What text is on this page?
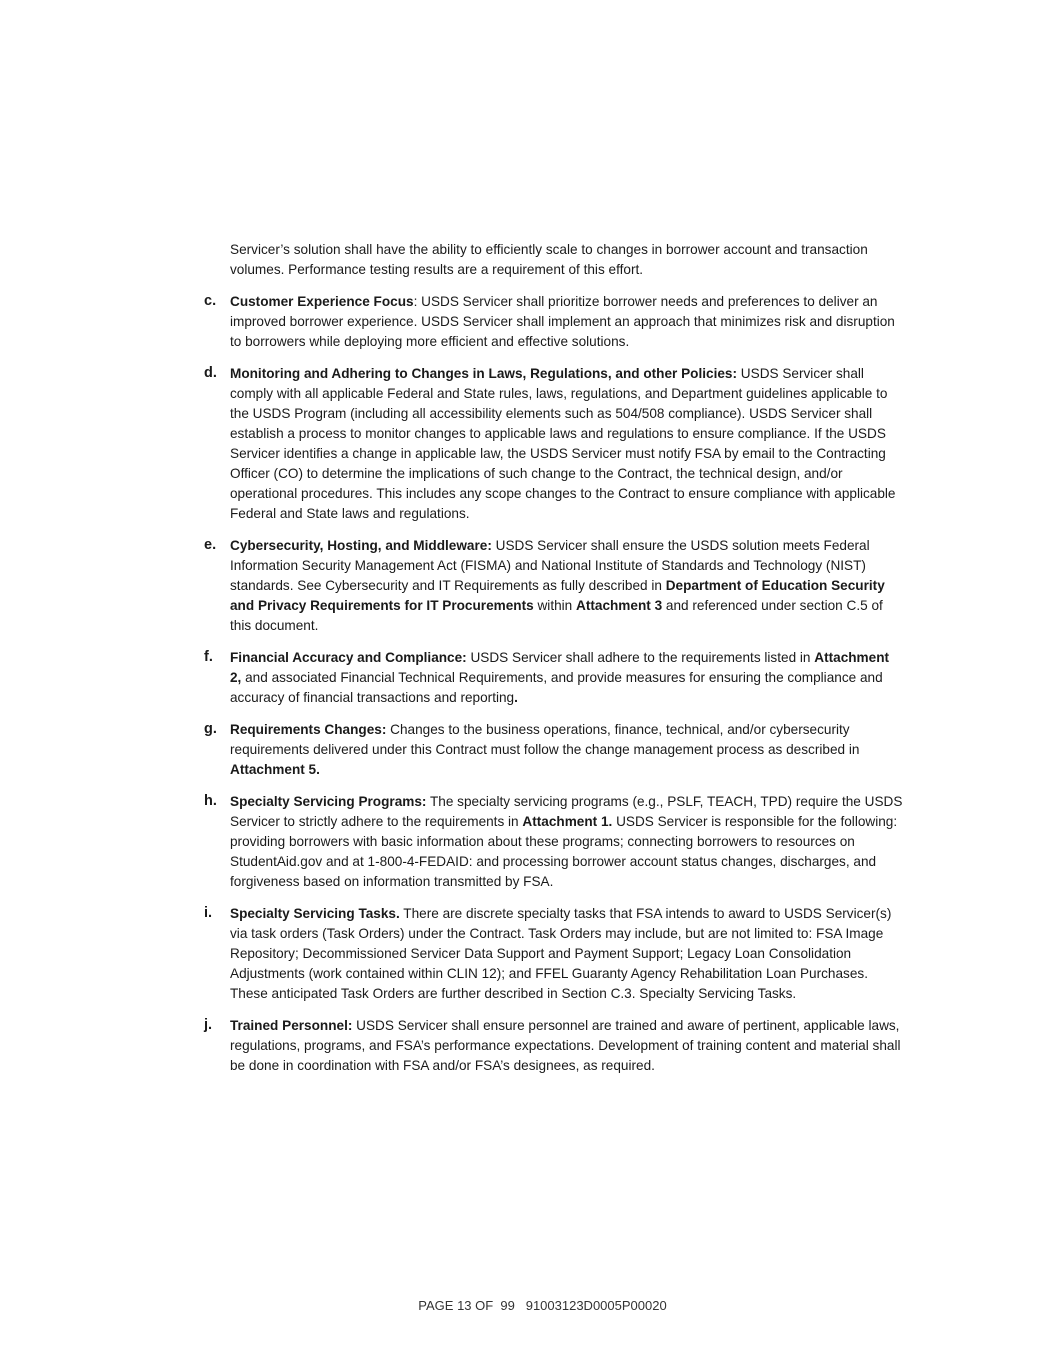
Servicer’s solution shall have the ability to efficiently scale to changes in borrower account and transaction volumes. Performance testing results are a requirement of this effort.

c. Customer Experience Focus: USDS Servicer shall prioritize borrower needs and preferences to deliver an improved borrower experience. USDS Servicer shall implement an approach that minimizes risk and disruption to borrowers while deploying more efficient and effective solutions.
d. Monitoring and Adhering to Changes in Laws, Regulations, and other Policies: USDS Servicer shall comply with all applicable Federal and State rules, laws, regulations, and Department guidelines applicable to the USDS Program (including all accessibility elements such as 504/508 compliance). USDS Servicer shall establish a process to monitor changes to applicable laws and regulations to ensure compliance. If the USDS Servicer identifies a change in applicable law, the USDS Servicer must notify FSA by email to the Contracting Officer (CO) to determine the implications of such change to the Contract, the technical design, and/or operational procedures. This includes any scope changes to the Contract to ensure compliance with applicable Federal and State laws and regulations.
e. Cybersecurity, Hosting, and Middleware: USDS Servicer shall ensure the USDS solution meets Federal Information Security Management Act (FISMA) and National Institute of Standards and Technology (NIST) standards. See Cybersecurity and IT Requirements as fully described in Department of Education Security and Privacy Requirements for IT Procurements within Attachment 3 and referenced under section C.5 of this document.
f. Financial Accuracy and Compliance: USDS Servicer shall adhere to the requirements listed in Attachment 2, and associated Financial Technical Requirements, and provide measures for ensuring the compliance and accuracy of financial transactions and reporting.
g. Requirements Changes: Changes to the business operations, finance, technical, and/or cybersecurity requirements delivered under this Contract must follow the change management process as described in Attachment 5.
h. Specialty Servicing Programs: The specialty servicing programs (e.g., PSLF, TEACH, TPD) require the USDS Servicer to strictly adhere to the requirements in Attachment 1. USDS Servicer is responsible for the following: providing borrowers with basic information about these programs; connecting borrowers to resources on StudentAid.gov and at 1-800-4-FEDAID: and processing borrower account status changes, discharges, and forgiveness based on information transmitted by FSA.
i. Specialty Servicing Tasks. There are discrete specialty tasks that FSA intends to award to USDS Servicer(s) via task orders (Task Orders) under the Contract. Task Orders may include, but are not limited to: FSA Image Repository; Decommissioned Servicer Data Support and Payment Support; Legacy Loan Consolidation Adjustments (work contained within CLIN 12); and FFEL Guaranty Agency Rehabilitation Loan Purchases. These anticipated Task Orders are further described in Section C.3. Specialty Servicing Tasks.
j. Trained Personnel: USDS Servicer shall ensure personnel are trained and aware of pertinent, applicable laws, regulations, programs, and FSA’s performance expectations. Development of training content and material shall be done in coordination with FSA and/or FSA’s designees, as required.
PAGE 13 OF  99   91003123D0005P00020
